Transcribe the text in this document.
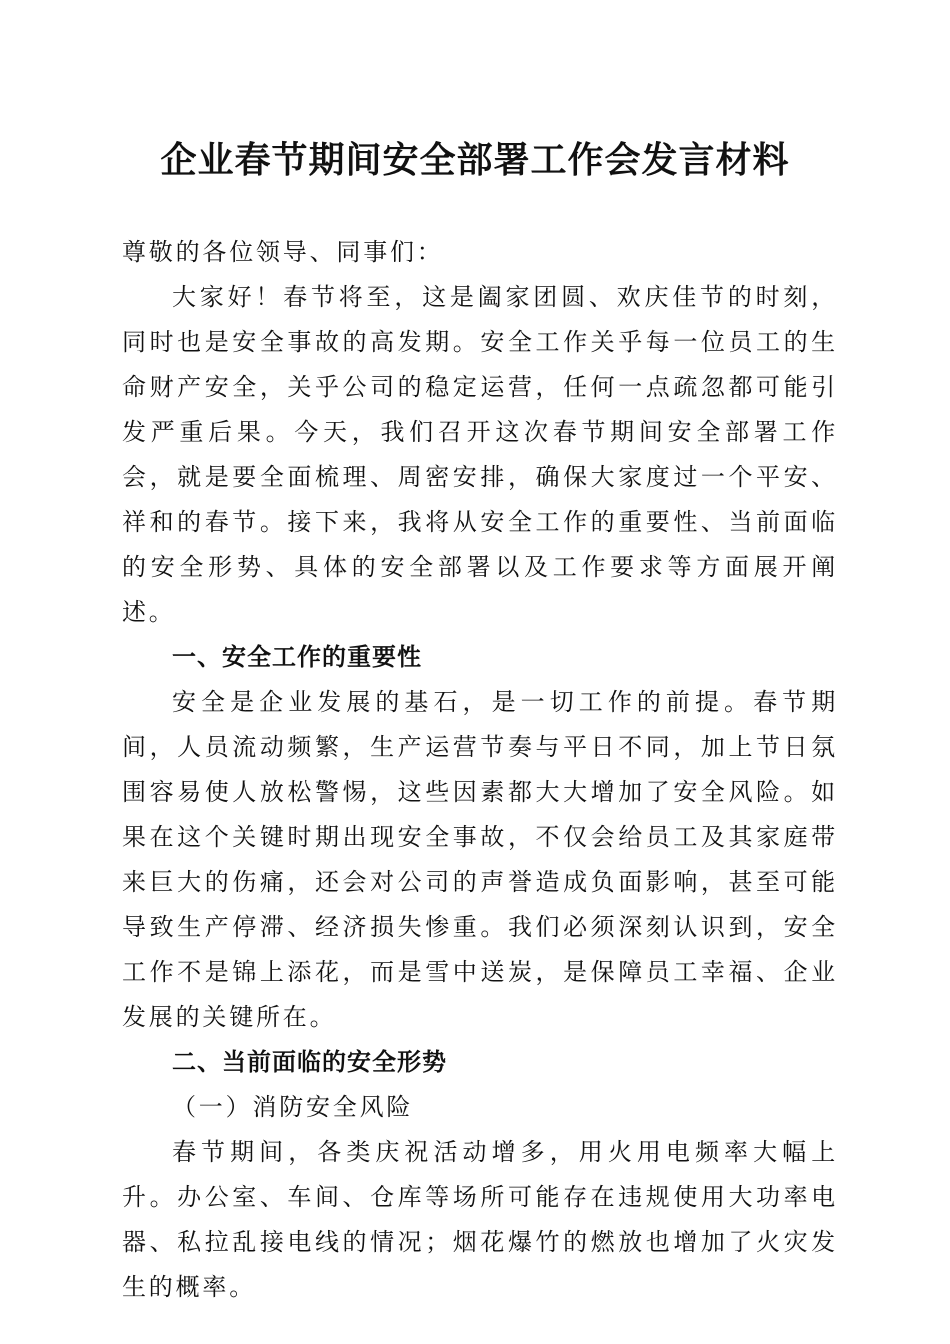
企业春节期间安全部署工作会发言材料

尊敬的各位领导、同事们：

大家好！春节将至，这是阖家团圆、欢庆佳节的时刻，同时也是安全事故的高发期。安全工作关乎每一位员工的生命财产安全，关乎公司的稳定运营，任何一点疏忽都可能引发严重后果。今天，我们召开这次春节期间安全部署工作会，就是要全面梳理、周密安排，确保大家度过一个平安、祥和的春节。接下来，我将从安全工作的重要性、当前面临的安全形势、具体的安全部署以及工作要求等方面展开阐述。

一、安全工作的重要性

安全是企业发展的基石，是一切工作的前提。春节期间，人员流动频繁，生产运营节奏与平日不同，加上节日氛围容易使人放松警惕，这些因素都大大增加了安全风险。如果在这个关键时期出现安全事故，不仅会给员工及其家庭带来巨大的伤痛，还会对公司的声誉造成负面影响，甚至可能导致生产停滞、经济损失惨重。我们必须深刻认识到，安全工作不是锦上添花，而是雪中送炭，是保障员工幸福、企业发展的关键所在。

二、当前面临的安全形势

（一）消防安全风险

春节期间，各类庆祝活动增多，用火用电频率大幅上升。办公室、车间、仓库等场所可能存在违规使用大功率电器、私拉乱接电线的情况；烟花爆竹的燃放也增加了火灾发生的概率。
